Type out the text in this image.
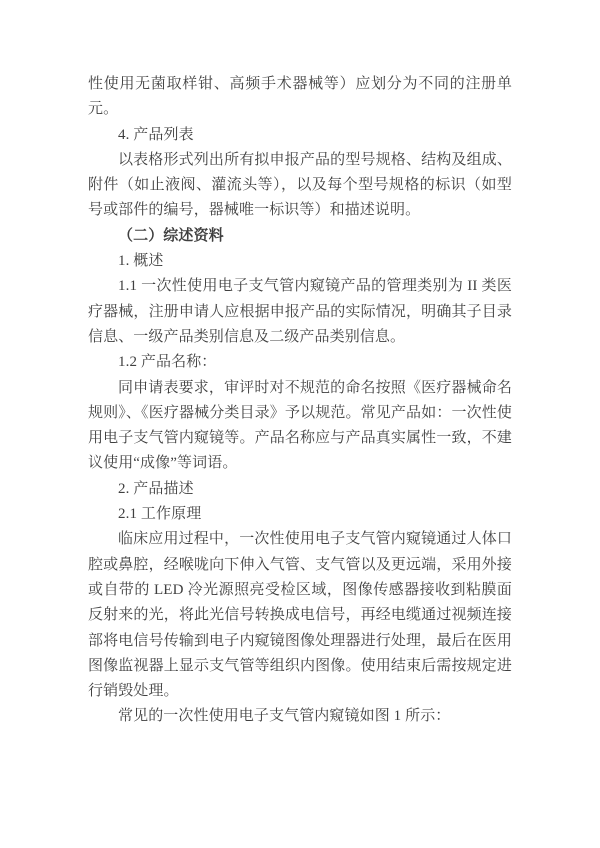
性使用无菌取样钳、高频手术器械等）应划分为不同的注册单元。

4. 产品列表

以表格形式列出所有拟申报产品的型号规格、结构及组成、附件（如止液阀、灌流头等），以及每个型号规格的标识（如型号或部件的编号，器械唯一标识等）和描述说明。

（二）综述资料

1. 概述

1.1 一次性使用电子支气管内窥镜产品的管理类别为 II 类医疗器械，注册申请人应根据申报产品的实际情况，明确其子目录信息、一级产品类别信息及二级产品类别信息。

1.2 产品名称：

同申请表要求，审评时对不规范的命名按照《医疗器械命名规则》、《医疗器械分类目录》予以规范。常见产品如：一次性使用电子支气管内窥镜等。产品名称应与产品真实属性一致，不建议使用“成像”等词语。

2. 产品描述

2.1 工作原理

临床应用过程中，一次性使用电子支气管内窥镜通过人体口腔或鼻腔，经喉咙向下伸入气管、支气管以及更远端，采用外接或自带的 LED 冷光源照亮受检区域，图像传感器接收到粘膜面反射来的光，将此光信号转换成电信号，再经电缆通过视频连接部将电信号传输到电子内窥镜图像处理器进行处理，最后在医用图像监视器上显示支气管等组织内图像。使用结束后需按规定进行销毁处理。

常见的一次性使用电子支气管内窥镜如图 1 所示：
